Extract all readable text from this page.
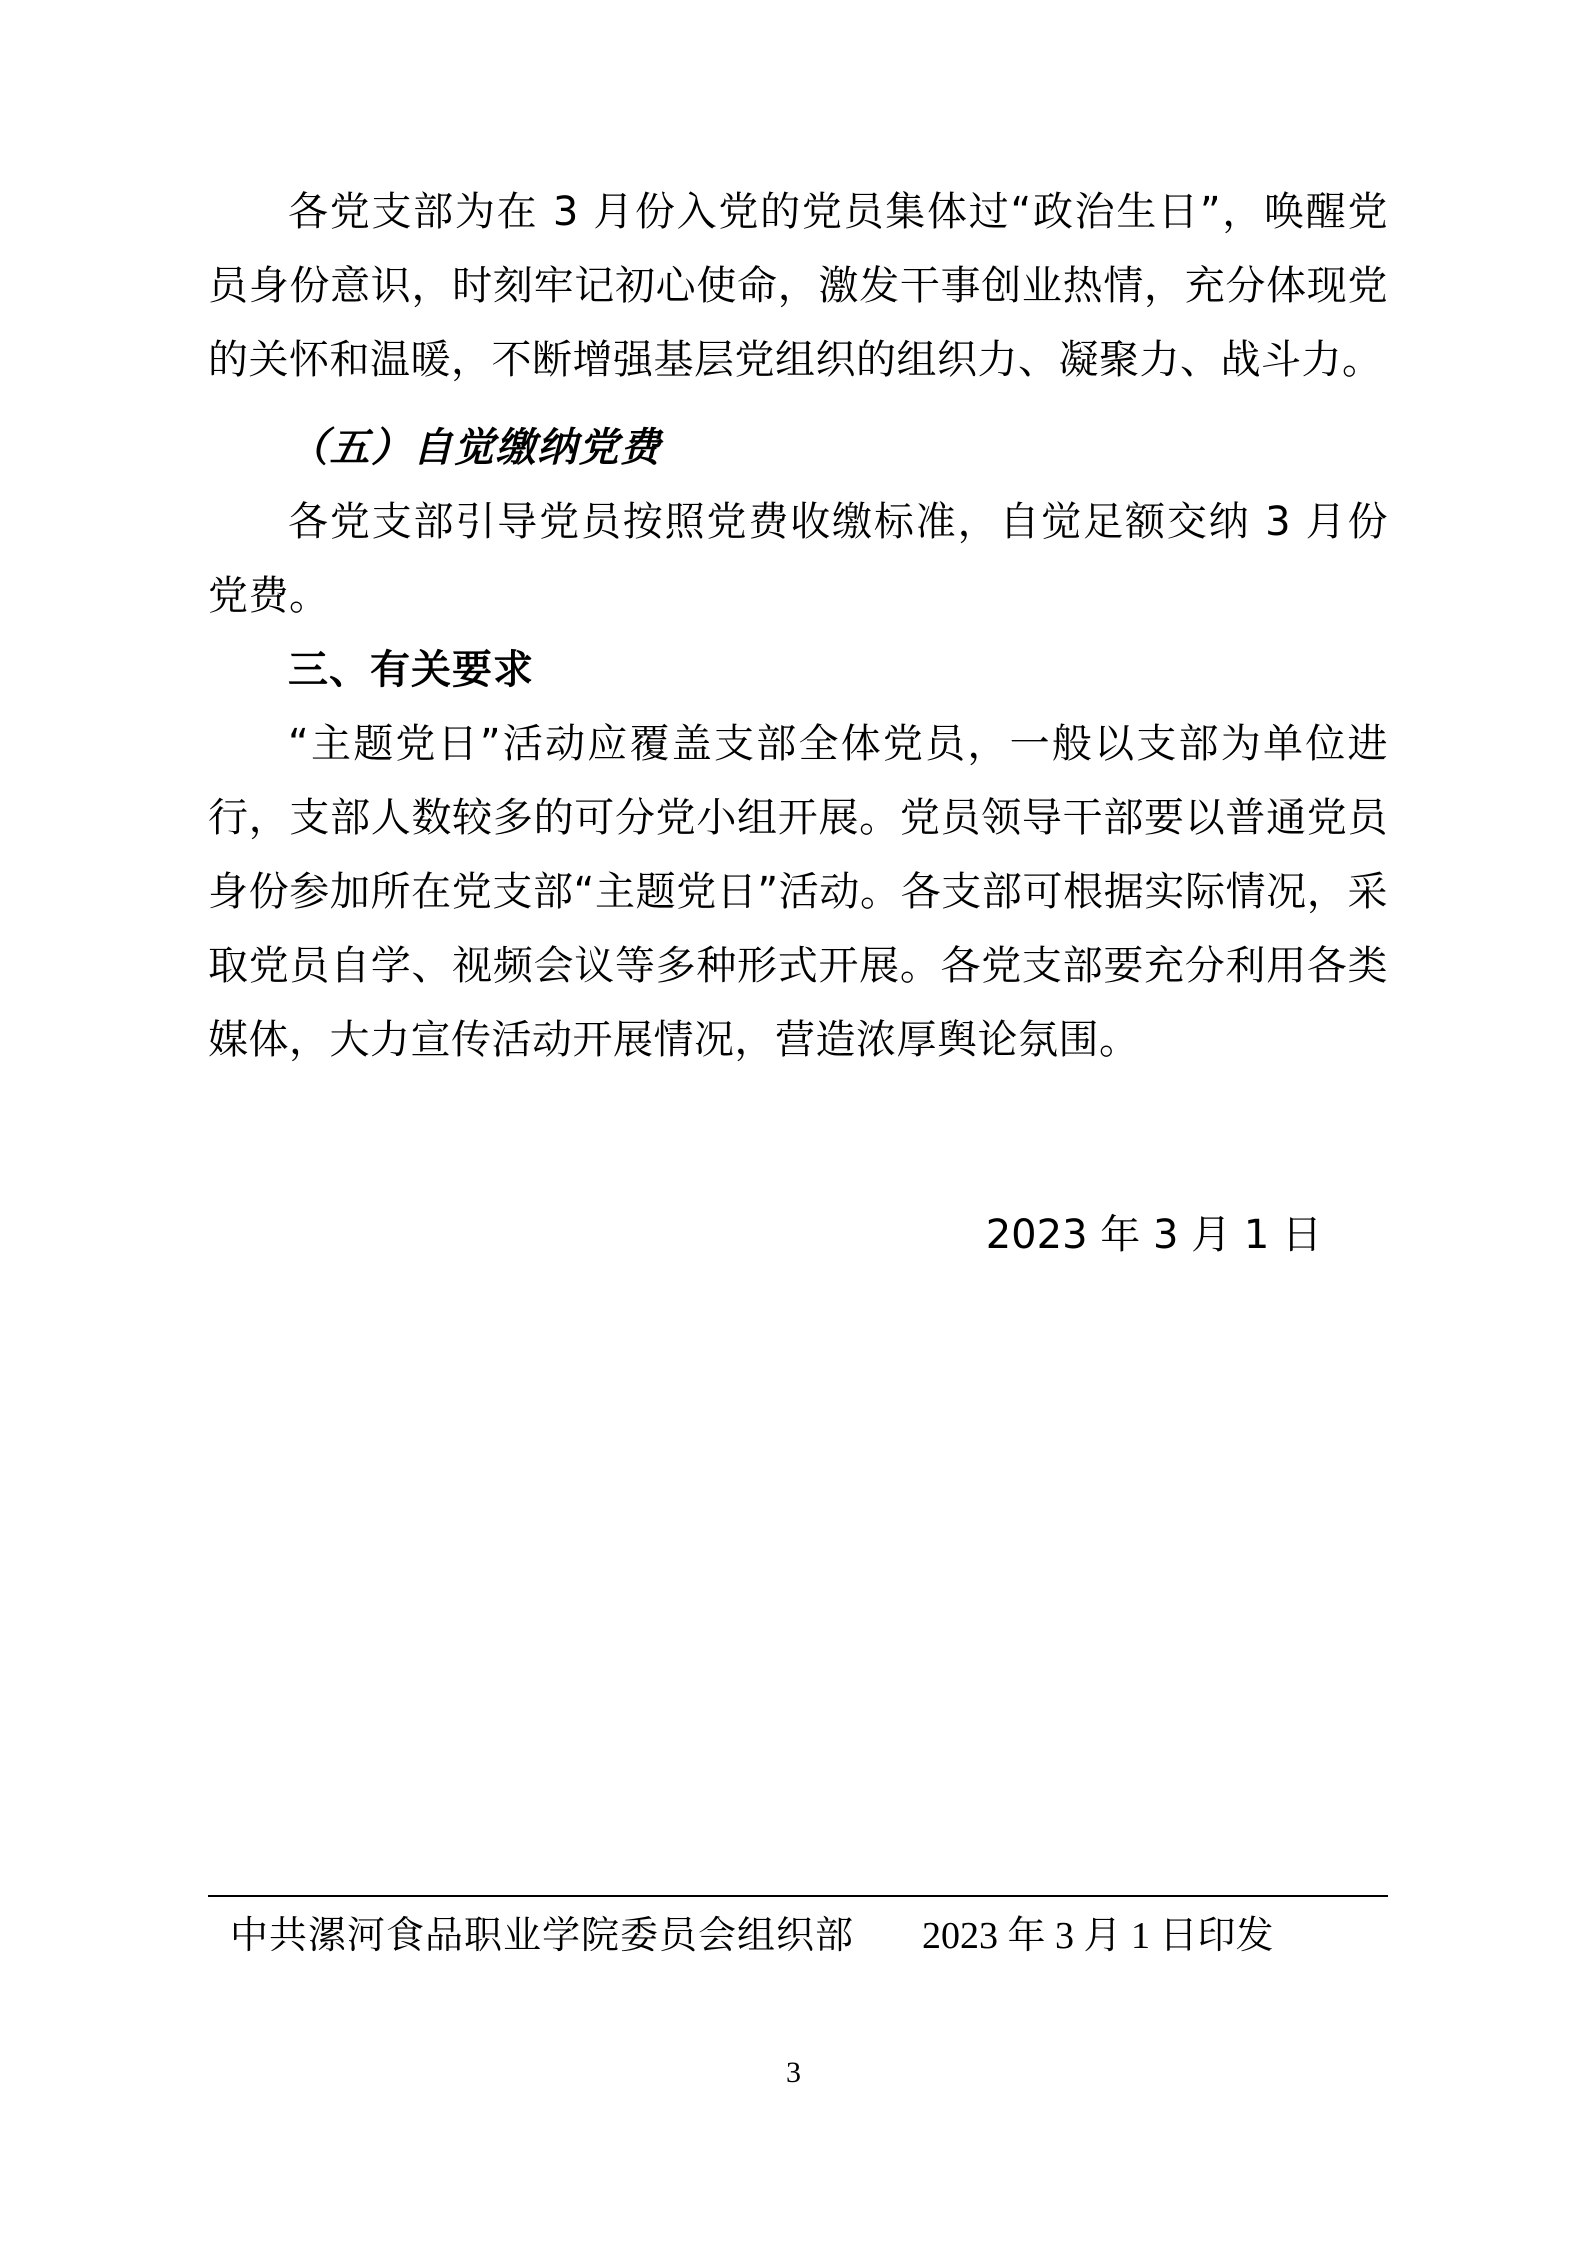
各党支部为在 3 月份入党的党员集体过“政治生日”，唤醒党员身份意识，时刻牢记初心使命，激发干事创业热情，充分体现党的关怀和温暖，不断增强基层党组织的组织力、凝聚力、战斗力。

（五）自觉缴纳党费

各党支部引导党员按照党费收缴标准，自觉足额交纳 3 月份党费。

三、有关要求

“主题党日”活动应覆盖支部全体党员，一般以支部为单位进行，支部人数较多的可分党小组开展。党员领导干部要以普通党员身份参加所在党支部“主题党日”活动。各支部可根据实际情况，采取党员自学、视频会议等多种形式开展。各党支部要充分利用各类媒体，大力宣传活动开展情况，营造浓厚舆论氛围。

2023 年 3 月 1 日

中共漯河食品职业学院委员会组织部 2023 年 3 月 1 日印发
3
